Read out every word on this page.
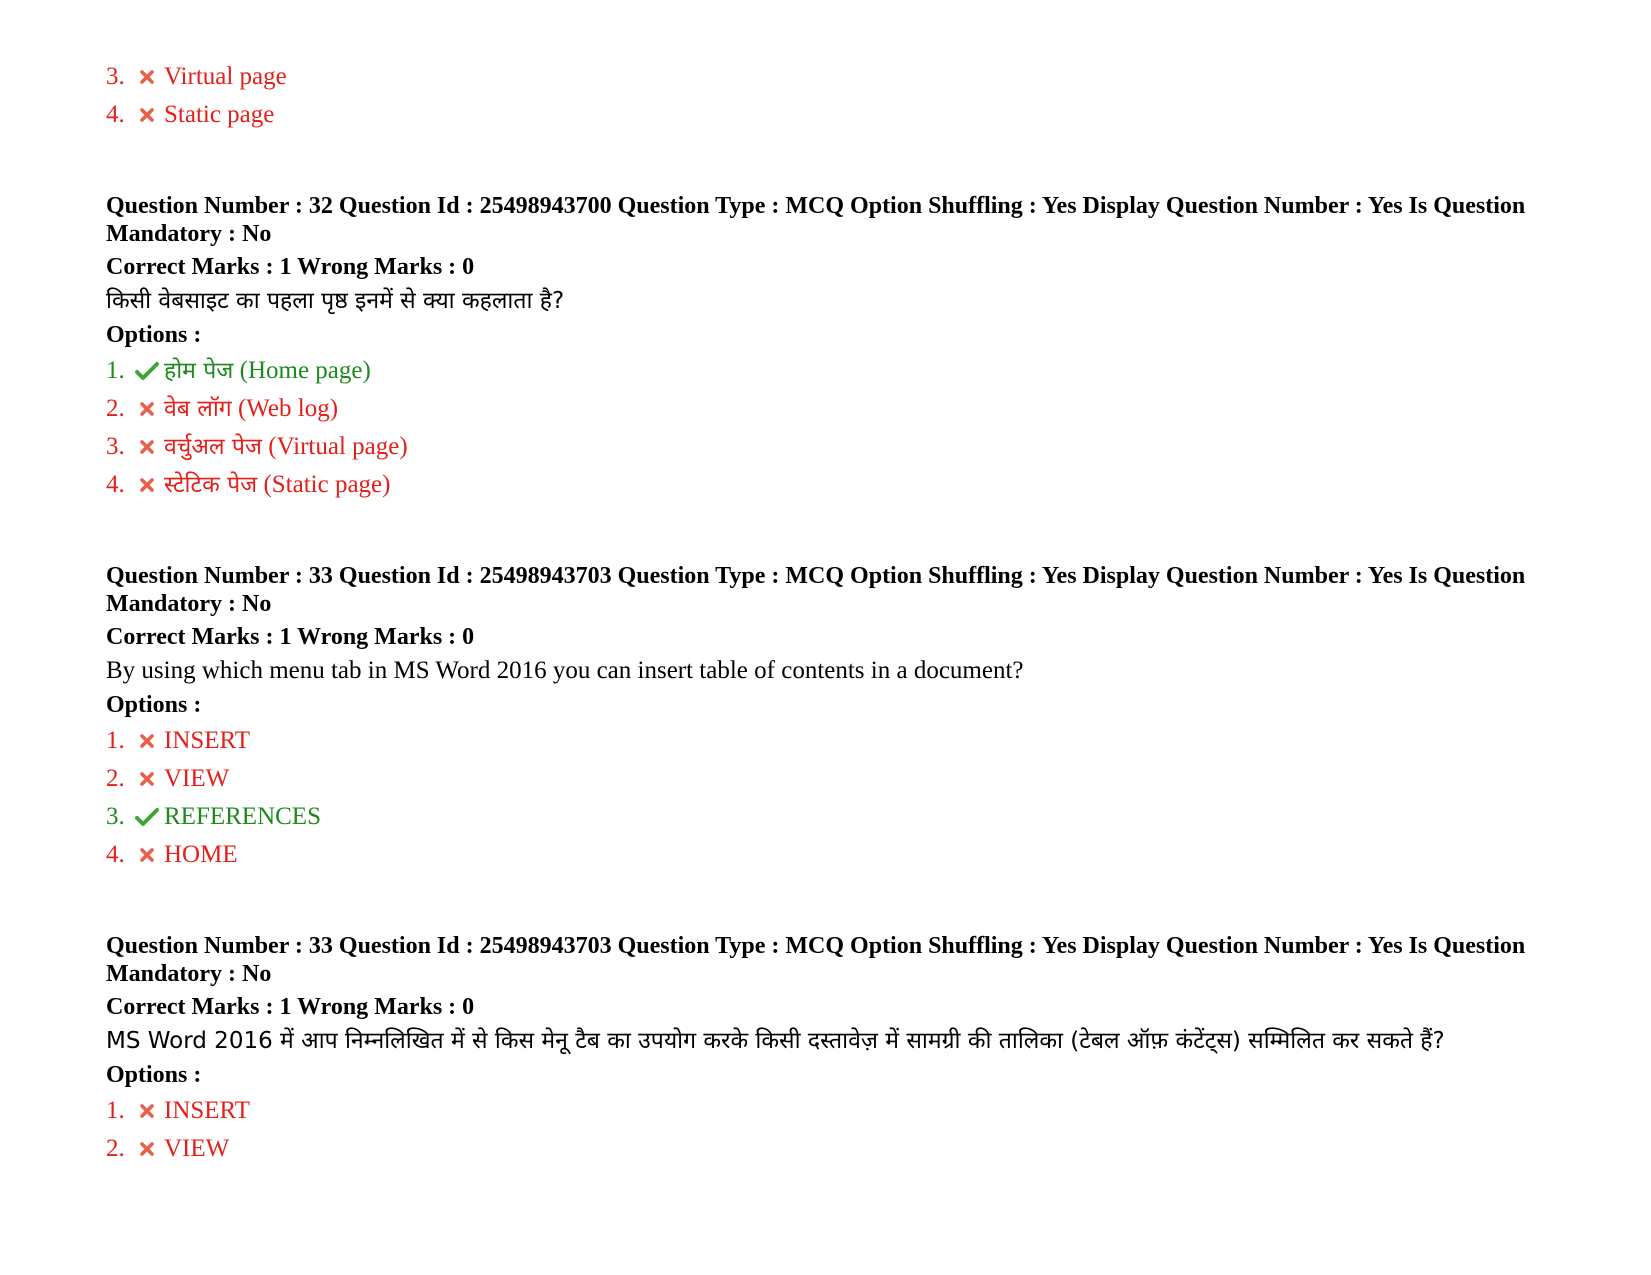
3. Virtual page
4. Static page
Question Number : 32 Question Id : 25498943700 Question Type : MCQ Option Shuffling : Yes Display Question Number : Yes Is Question Mandatory : No
Correct Marks : 1 Wrong Marks : 0
किसी वेबसाइट का पहला पृष्ठ इनमें से क्या कहलाता है?
Options :
1.	होम पेज (Home page)
2.	वेब लॉग (Web log)
3.	वर्चुअल पेज (Virtual page)
4.	स्टेटिक पेज (Static page)
Question Number : 33 Question Id : 25498943703 Question Type : MCQ Option Shuffling : Yes Display Question Number : Yes Is Question Mandatory : No
Correct Marks : 1 Wrong Marks : 0
By using which menu tab in MS Word 2016 you can insert table of contents in a document?
Options :
1. INSERT
2. VIEW
3. REFERENCES
4. HOME
Question Number : 33 Question Id : 25498943703 Question Type : MCQ Option Shuffling : Yes Display Question Number : Yes Is Question Mandatory : No
Correct Marks : 1 Wrong Marks : 0
MS Word 2016 में आप निम्नलिखित में से किस मेनू टैब का उपयोग करके किसी दस्तावेज़ में सामग्री की तालिका (टेबल ऑफ़ कंटेंट्स) सम्मिलित कर सकते हैं?
Options :
1. INSERT
2. VIEW
